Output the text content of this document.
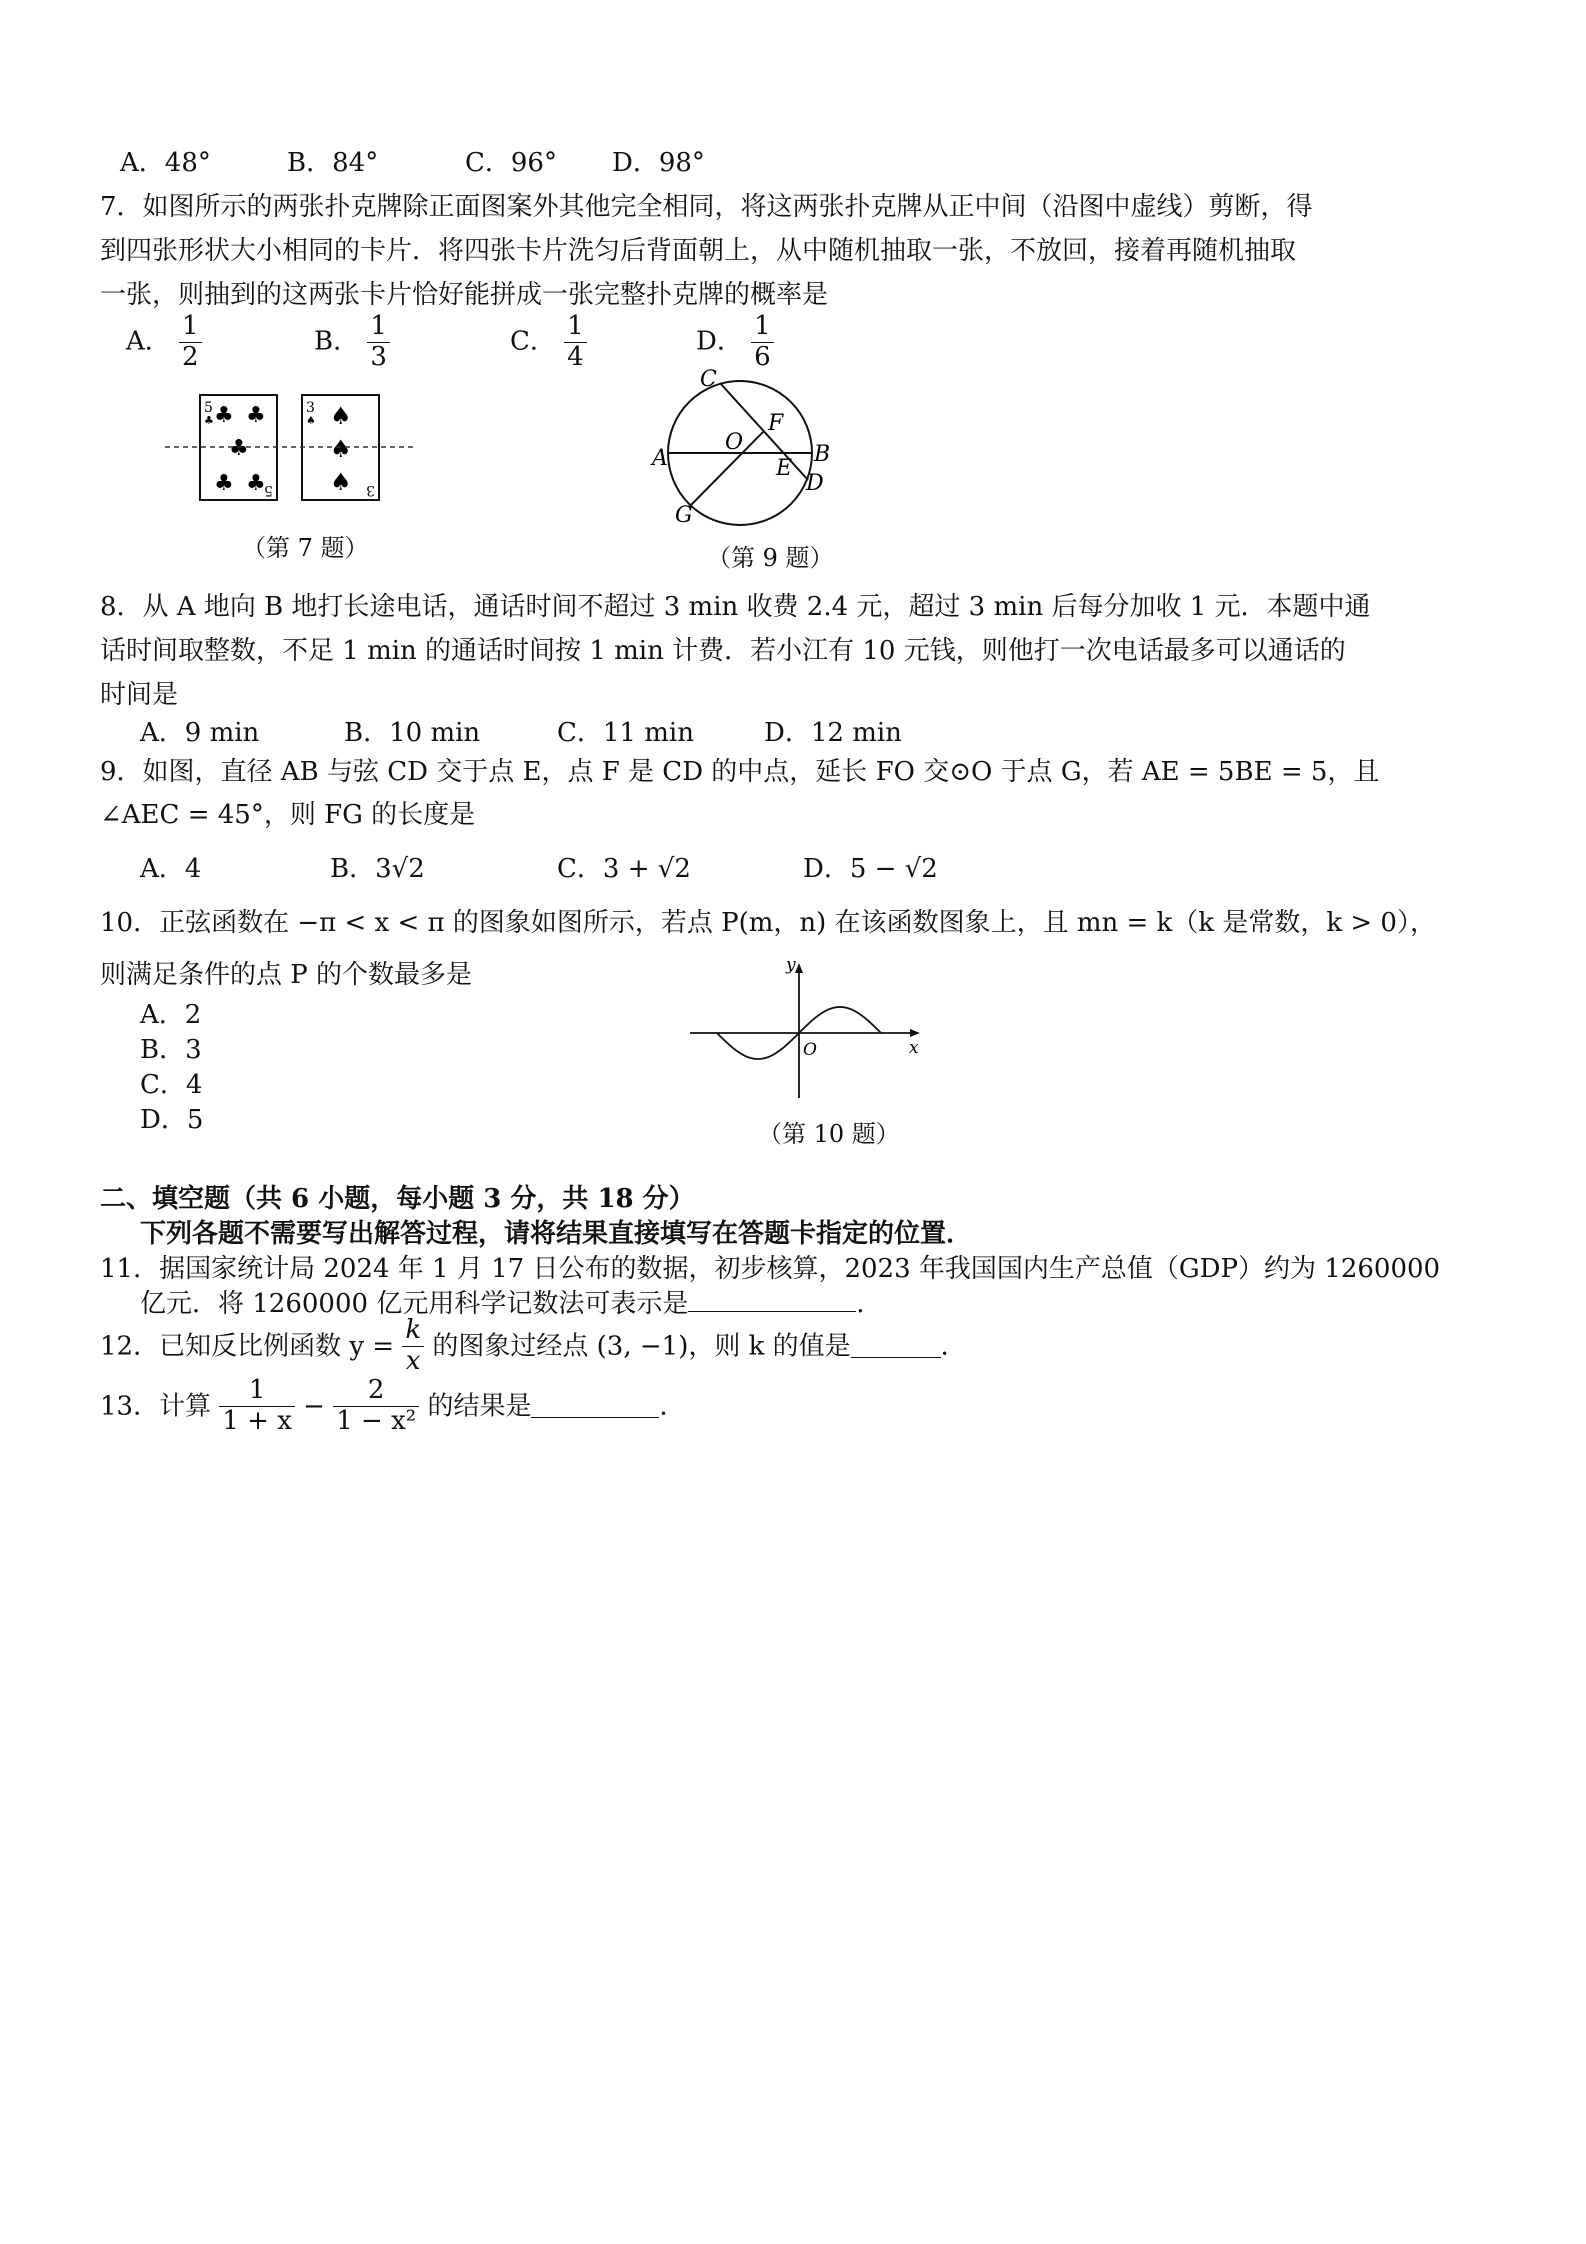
A．48°	B．84°	C．96° D．98°
7．如图所示的两张扑克牌除正面图案外其他完全相同，将这两张扑克牌从正中间（沿图中虚线）剪断，得
到四张形状大小相同的卡片．将四张卡片洗匀后背面朝上，从中随机抽取一张，不放回，接着再随机抽取
一张，则抽到的这两张卡片恰好能拼成一张完整扑克牌的概率是
A． $\frac{1}{2}$	B． $\frac{1}{3}$	C． $\frac{1}{4}$	D． $\frac{1}{6}$
5
♣ ♣ ♣
♣
♣ ♣
5
3
♠ ♠
♠
♠ 3
（第 7 题）
C
F
O
A	B
E
D
G
（第 9 题）
8．从 A 地向 B 地打长途电话，通话时间不超过 3 min 收费 2.4 元，超过 3 min 后每分加收 1 元．本题中通
话时间取整数，不足 1 min 的通话时间按 1 min 计费．若小江有 10 元钱，则他打一次电话最多可以通话的
时间是
A．9 min	B．10 min	C．11 min	D．12 min
9．如图，直径 AB 与弦 CD 交于点 E，点 F 是 CD 的中点，延长 FO 交⊙O 于点 G，若 AE = 5BE = 5，且
∠AEC = 45°，则 FG 的长度是
A．4	B．3√2	C．3 + √2	D．5 − √2
10．正弦函数在 −π < x < π 的图象如图所示，若点 P(m，n) 在该函数图象上，且 mn = k（k 是常数，k > 0），
则满足条件的点 P 的个数最多是
A．2
B．3
C．4
D．5
x
y
O
（第 10 题）
二、填空题（共 6 小题，每小题 3 分，共 18 分）
下列各题不需要写出解答过程，请将结果直接填写在答题卡指定的位置．
11．据国家统计局 2024 年 1 月 17 日公布的数据，初步核算，2023 年我国国内生产总值（GDP）约为 1260000
亿元．将 1260000 亿元用科学记数法可表示是	．
12．已知反比例函数 $y = \frac{k}{x}$ 的图象过经点 (3, −1)，则 k 的值是	．
13．计算 $\frac{1}{1 + x} - \frac{2}{\text{1 − x²}}$ 的结果是	．
